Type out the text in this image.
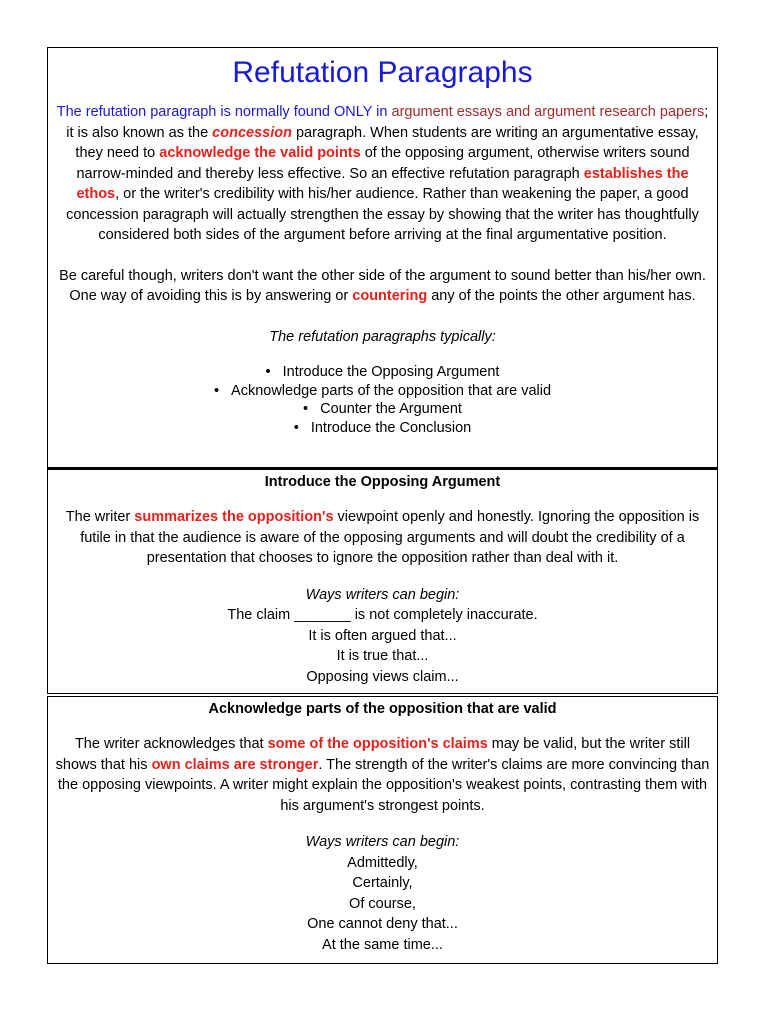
Refutation Paragraphs

The refutation paragraph is normally found ONLY in argument essays and argument research papers; it is also known as the concession paragraph. When students are writing an argumentative essay, they need to acknowledge the valid points of the opposing argument, otherwise writers sound narrow-minded and thereby less effective. So an effective refutation paragraph establishes the ethos, or the writer's credibility with his/her audience. Rather than weakening the paper, a good concession paragraph will actually strengthen the essay by showing that the writer has thoughtfully considered both sides of the argument before arriving at the final argumentative position.

Be careful though, writers don't want the other side of the argument to sound better than his/her own. One way of avoiding this is by answering or countering any of the points the other argument has.

The refutation paragraphs typically:

• Introduce the Opposing Argument
• Acknowledge parts of the opposition that are valid
• Counter the Argument
• Introduce the Conclusion
Introduce the Opposing Argument

The writer summarizes the opposition's viewpoint openly and honestly. Ignoring the opposition is futile in that the audience is aware of the opposing arguments and will doubt the credibility of a presentation that chooses to ignore the opposition rather than deal with it.

Ways writers can begin:

The claim _______ is not completely inaccurate.

It is often argued that...

It is true that...

Opposing views claim...

Acknowledge parts of the opposition that are valid

The writer acknowledges that some of the opposition's claims may be valid, but the writer still shows that his own claims are stronger. The strength of the writer's claims are more convincing than the opposing viewpoints. A writer might explain the opposition's weakest points, contrasting them with his argument's strongest points.

Ways writers can begin:

Admittedly,

Certainly,

Of course,

One cannot deny that...

At the same time...
